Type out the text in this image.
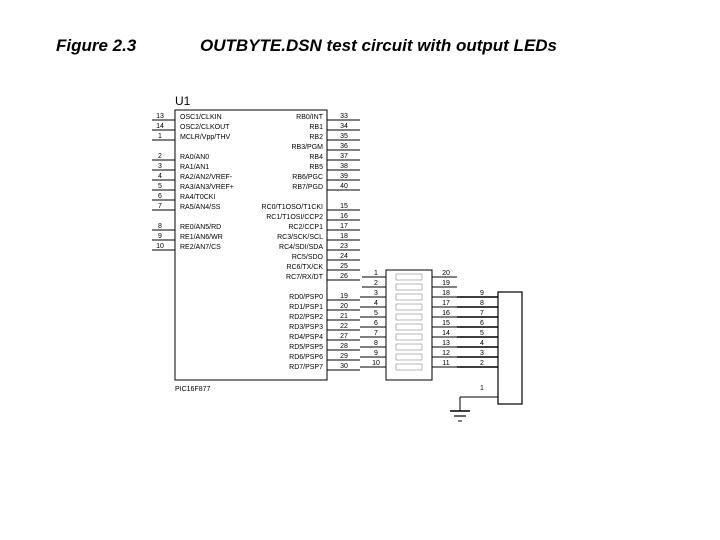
Figure 2.3	OUTBYTE.DSN test circuit with output LEDs
U1
PIC16F877
13 OSC1/CLKIN
14 OSC2/CLKOUT
1	MCLR/Vpp/THV
2	RA0/AN0
3	RA1/AN1
4	RA2/AN2/VREF-
5	RA3/AN3/VREF+
6	RA4/T0CKI
7	RA5/AN4/SS
8	RE0/AN5/RD
9	RE1/AN6/WR
10 RE2/AN7/CS
33
RB0/INT
34
RB1
35
RB2
36
RB3/PGM
37
RB4
38
RB5
39
RB6/PGC
40
RB7/PGD
15
RC0/T1OSO/T1CKI
16
RC1/T1OSI/CCP2
17
RC2/CCP1
18
RC3/SCK/SCL
23
RC4/SDI/SDA
24
RC5/SDO
25
RC6/TX/CK
26
RC7/RX/DT
19
RD0/PSP0
20
RD1/PSP1
21
RD2/PSP2
22
RD3/PSP3
27
RD4/PSP4
28
RD5/PSP5
29
RD6/PSP6
30
RD7/PSP7
1
2
3
4
5
6
7
8
9
10
20
19
18
17
16
15
14
13
12
11
9
8
7
6
5
4
3
2
1
